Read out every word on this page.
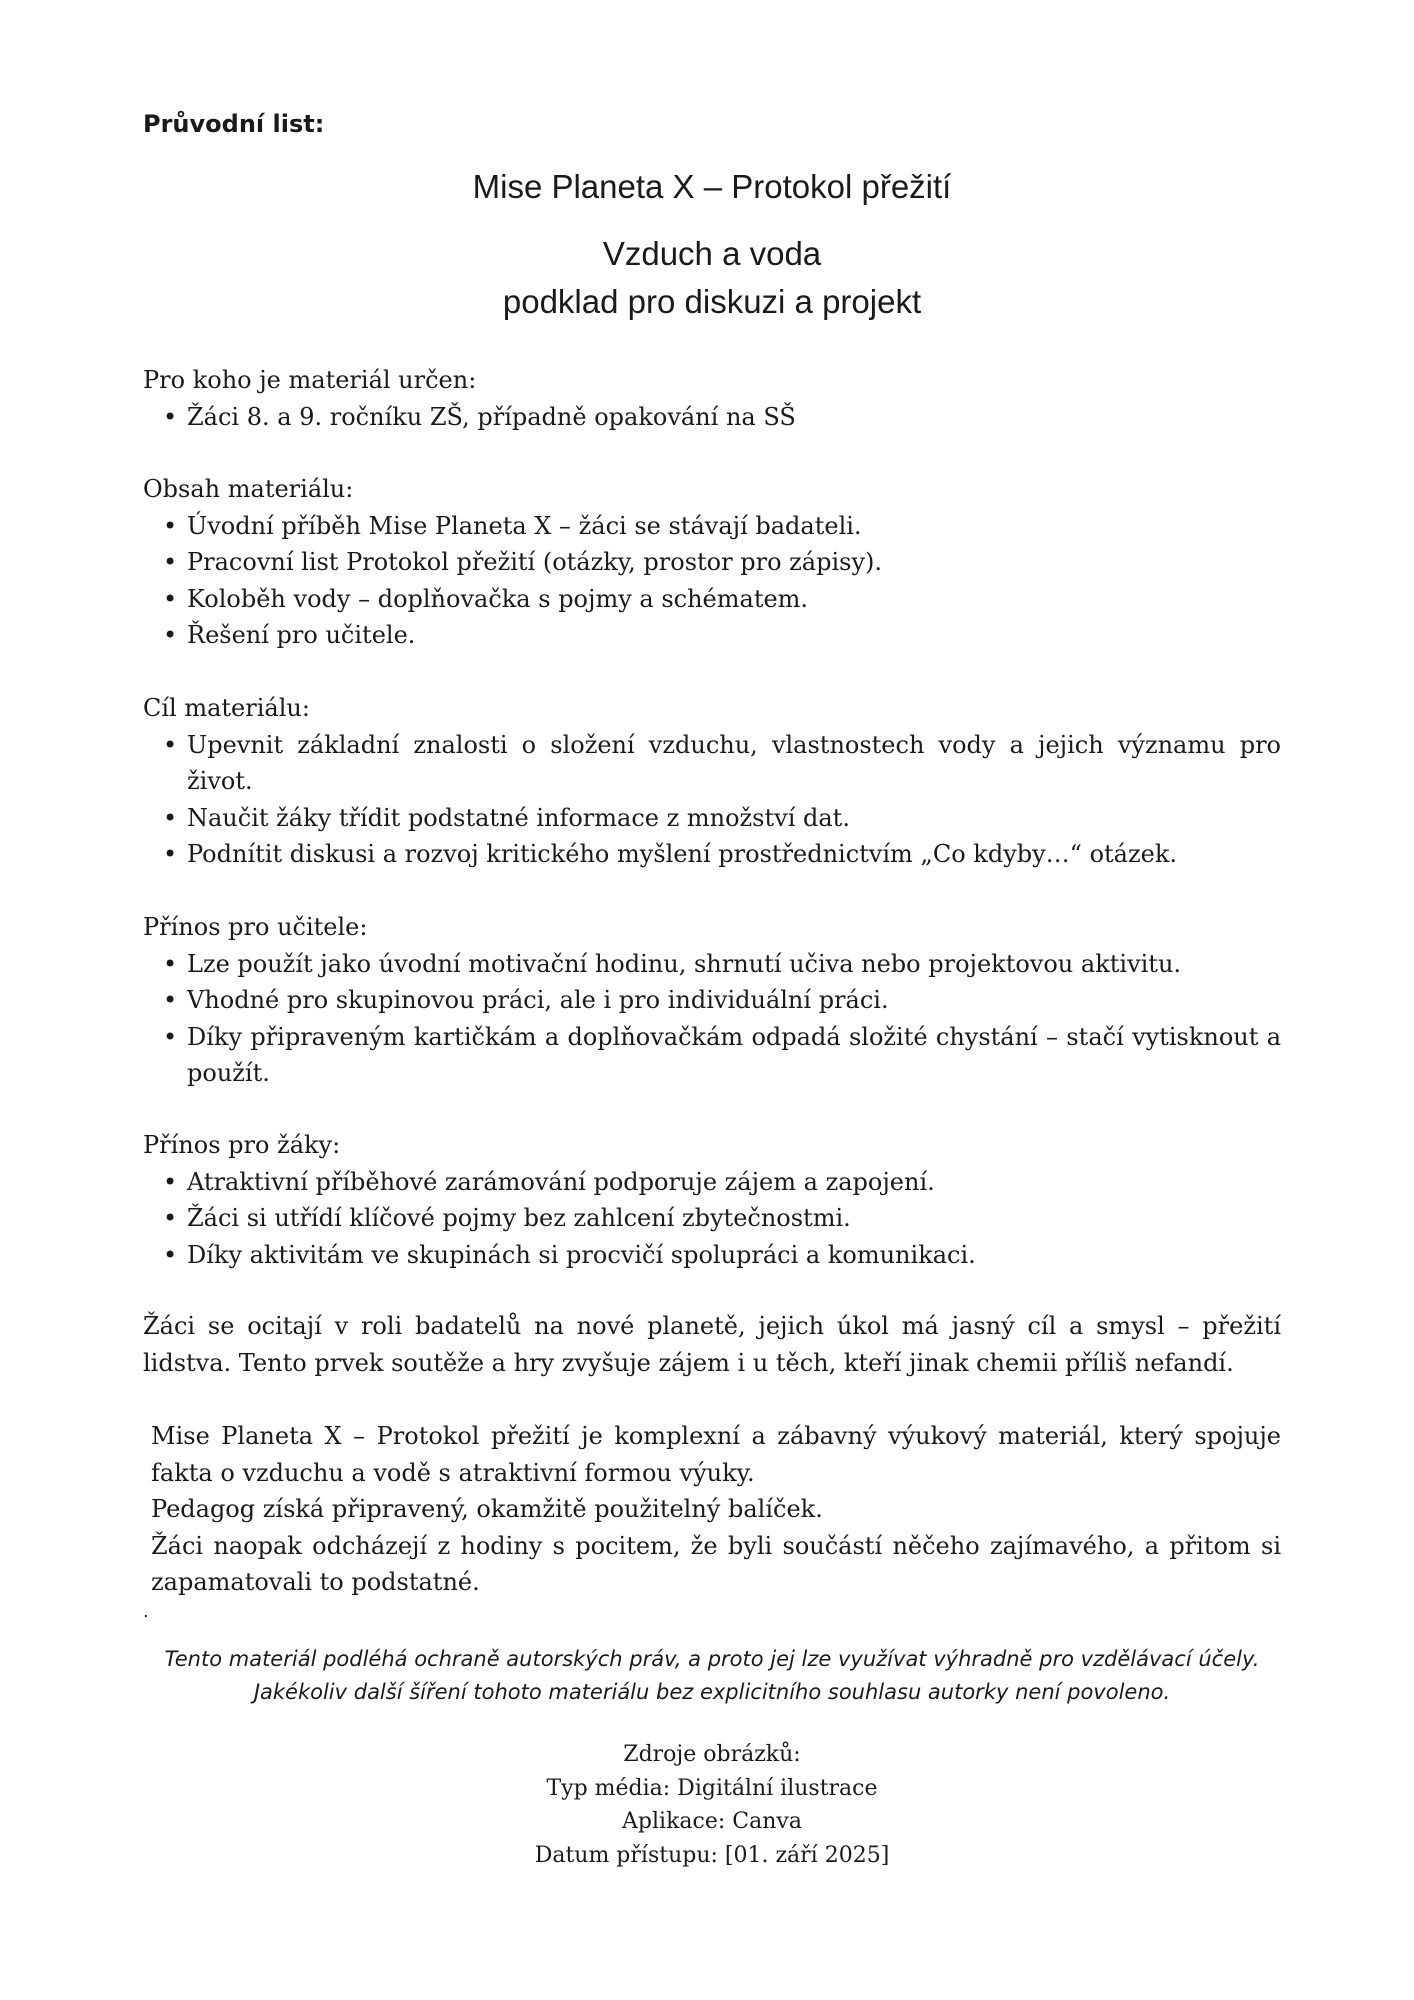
Průvodní list:

Mise Planeta X – Protokol přežití
Vzduch a voda
podklad pro diskuzi a projekt

Pro koho je materiál určen:

• Žáci 8. a 9. ročníku ZŠ, případně opakování na SŠ

Obsah materiálu:

• Úvodní příběh Mise Planeta X – žáci se stávají badateli.
• Pracovní list Protokol přežití (otázky, prostor pro zápisy).
• Koloběh vody – doplňovačka s pojmy a schématem.
• Řešení pro učitele.

Cíl materiálu:

• Upevnit základní znalosti o složení vzduchu, vlastnostech vody a jejich významu pro život.
• Naučit žáky třídit podstatné informace z množství dat.
• Podnítit diskusi a rozvoj kritického myšlení prostřednictvím „Co kdyby…“ otázek.

Přínos pro učitele:

• Lze použít jako úvodní motivační hodinu, shrnutí učiva nebo projektovou aktivitu.
• Vhodné pro skupinovou práci, ale i pro individuální práci.
• Díky připraveným kartičkám a doplňovačkám odpadá složité chystání – stačí vytisknout a použít.

Přínos pro žáky:

• Atraktivní příběhové zarámování podporuje zájem a zapojení.
• Žáci si utřídí klíčové pojmy bez zahlcení zbytečnostmi.
• Díky aktivitám ve skupinách si procvičí spolupráci a komunikaci.

Žáci se ocitají v roli badatelů na nové planetě, jejich úkol má jasný cíl a smysl – přežití lidstva. Tento prvek soutěže a hry zvyšuje zájem i u těch, kteří jinak chemii příliš nefandí.

Mise Planeta X – Protokol přežití je komplexní a zábavný výukový materiál, který spojuje fakta o vzduchu a vodě s atraktivní formou výuky.
Pedagog získá připravený, okamžitě použitelný balíček.
Žáci naopak odcházejí z hodiny s pocitem, že byli součástí něčeho zajímavého, a přitom si zapamatovali to podstatné.
.

Tento materiál podléhá ochraně autorských práv, a proto jej lze využívat výhradně pro vzdělávací účely. Jakékoliv další šíření tohoto materiálu bez explicitního souhlasu autorky není povoleno.

Zdroje obrázků:
Typ média: Digitální ilustrace
Aplikace: Canva
Datum přístupu: [01. září 2025]
